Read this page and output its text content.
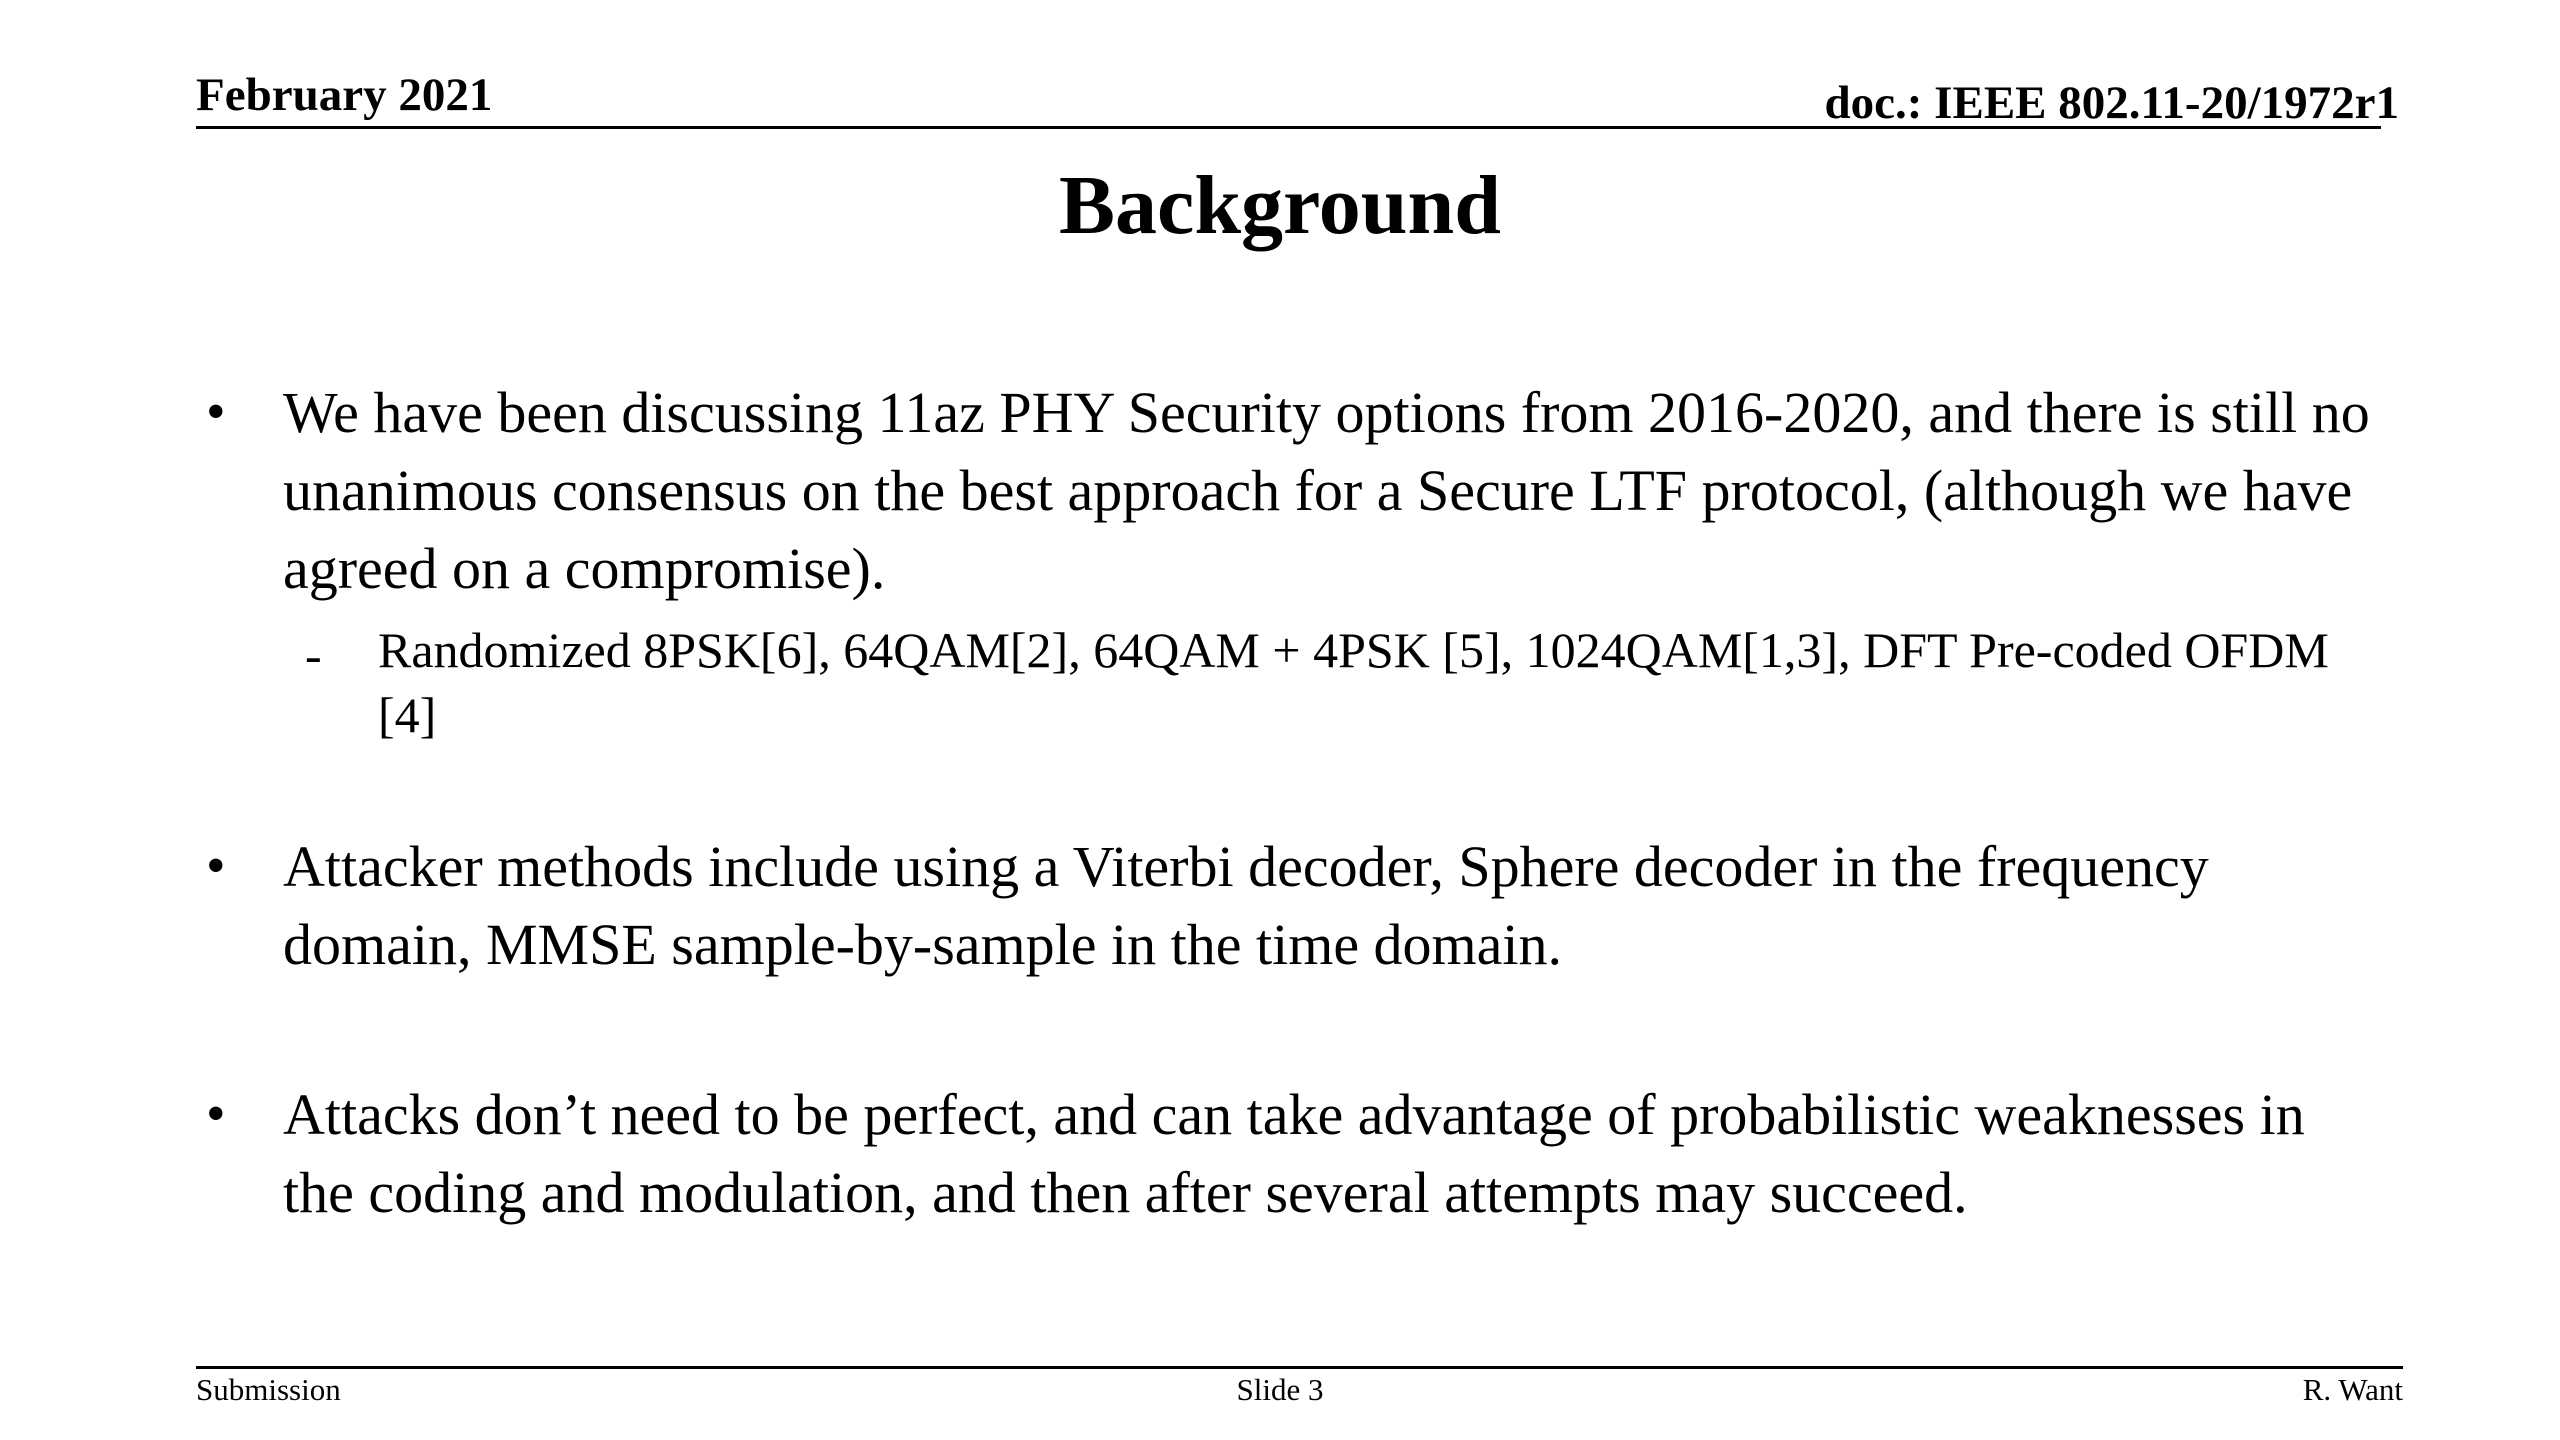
February 2021	doc.: IEEE 802.11-20/1972r1
Background
• We have been discussing 11az PHY Security options from 2016-2020, and there is still no unanimous consensus on the best approach for a Secure LTF protocol, (although we have agreed on a compromise).
- Randomized 8PSK[6], 64QAM[2], 64QAM + 4PSK [5], 1024QAM[1,3], DFT Pre-coded OFDM [4]
• Attacker methods include using a Viterbi decoder, Sphere decoder in the frequency domain, MMSE sample-by-sample in the time domain.
• Attacks don’t need to be perfect, and can take advantage of probabilistic weaknesses in the coding and modulation, and then after several attempts may succeed.
Submission	Slide 3	R. Want
